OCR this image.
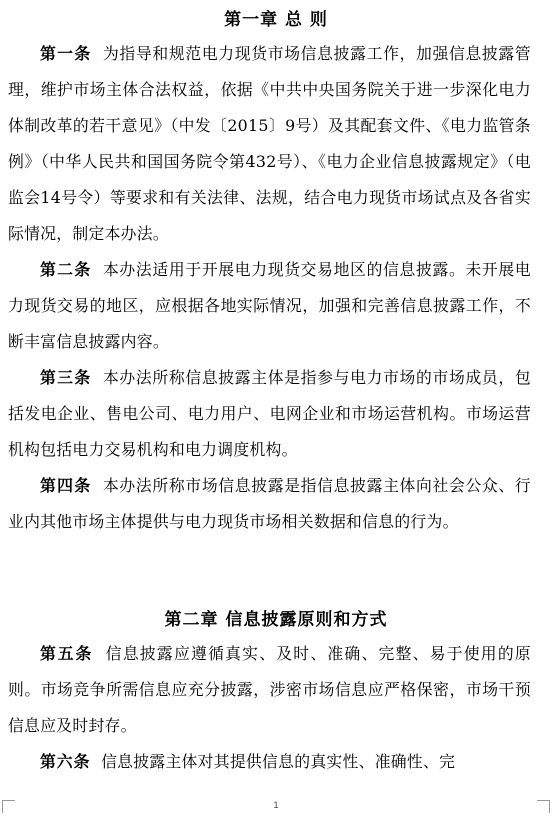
第一章 总 则

第一条 为指导和规范电力现货市场信息披露工作，加强信息披露管理，维护市场主体合法权益，依据《中共中央国务院关于进一步深化电力体制改革的若干意见》（中发〔2015〕9号）及其配套文件、《电力监管条例》（中华人民共和国国务院令第432号）、《电力企业信息披露规定》（电监会14号令）等要求和有关法律、法规，结合电力现货市场试点及各省实际情况，制定本办法。

第二条 本办法适用于开展电力现货交易地区的信息披露。未开展电力现货交易的地区，应根据各地实际情况，加强和完善信息披露工作，不断丰富信息披露内容。

第三条 本办法所称信息披露主体是指参与电力市场的市场成员，包括发电企业、售电公司、电力用户、电网企业和市场运营机构。市场运营机构包括电力交易机构和电力调度机构。

第四条 本办法所称市场信息披露是指信息披露主体向社会公众、行业内其他市场主体提供与电力现货市场相关数据和信息的行为。

第二章 信息披露原则和方式

第五条 信息披露应遵循真实、及时、准确、完整、易于使用的原则。市场竞争所需信息应充分披露，涉密市场信息应严格保密，市场干预信息应及时封存。

第六条 信息披露主体对其提供信息的真实性、准确性、完

1
